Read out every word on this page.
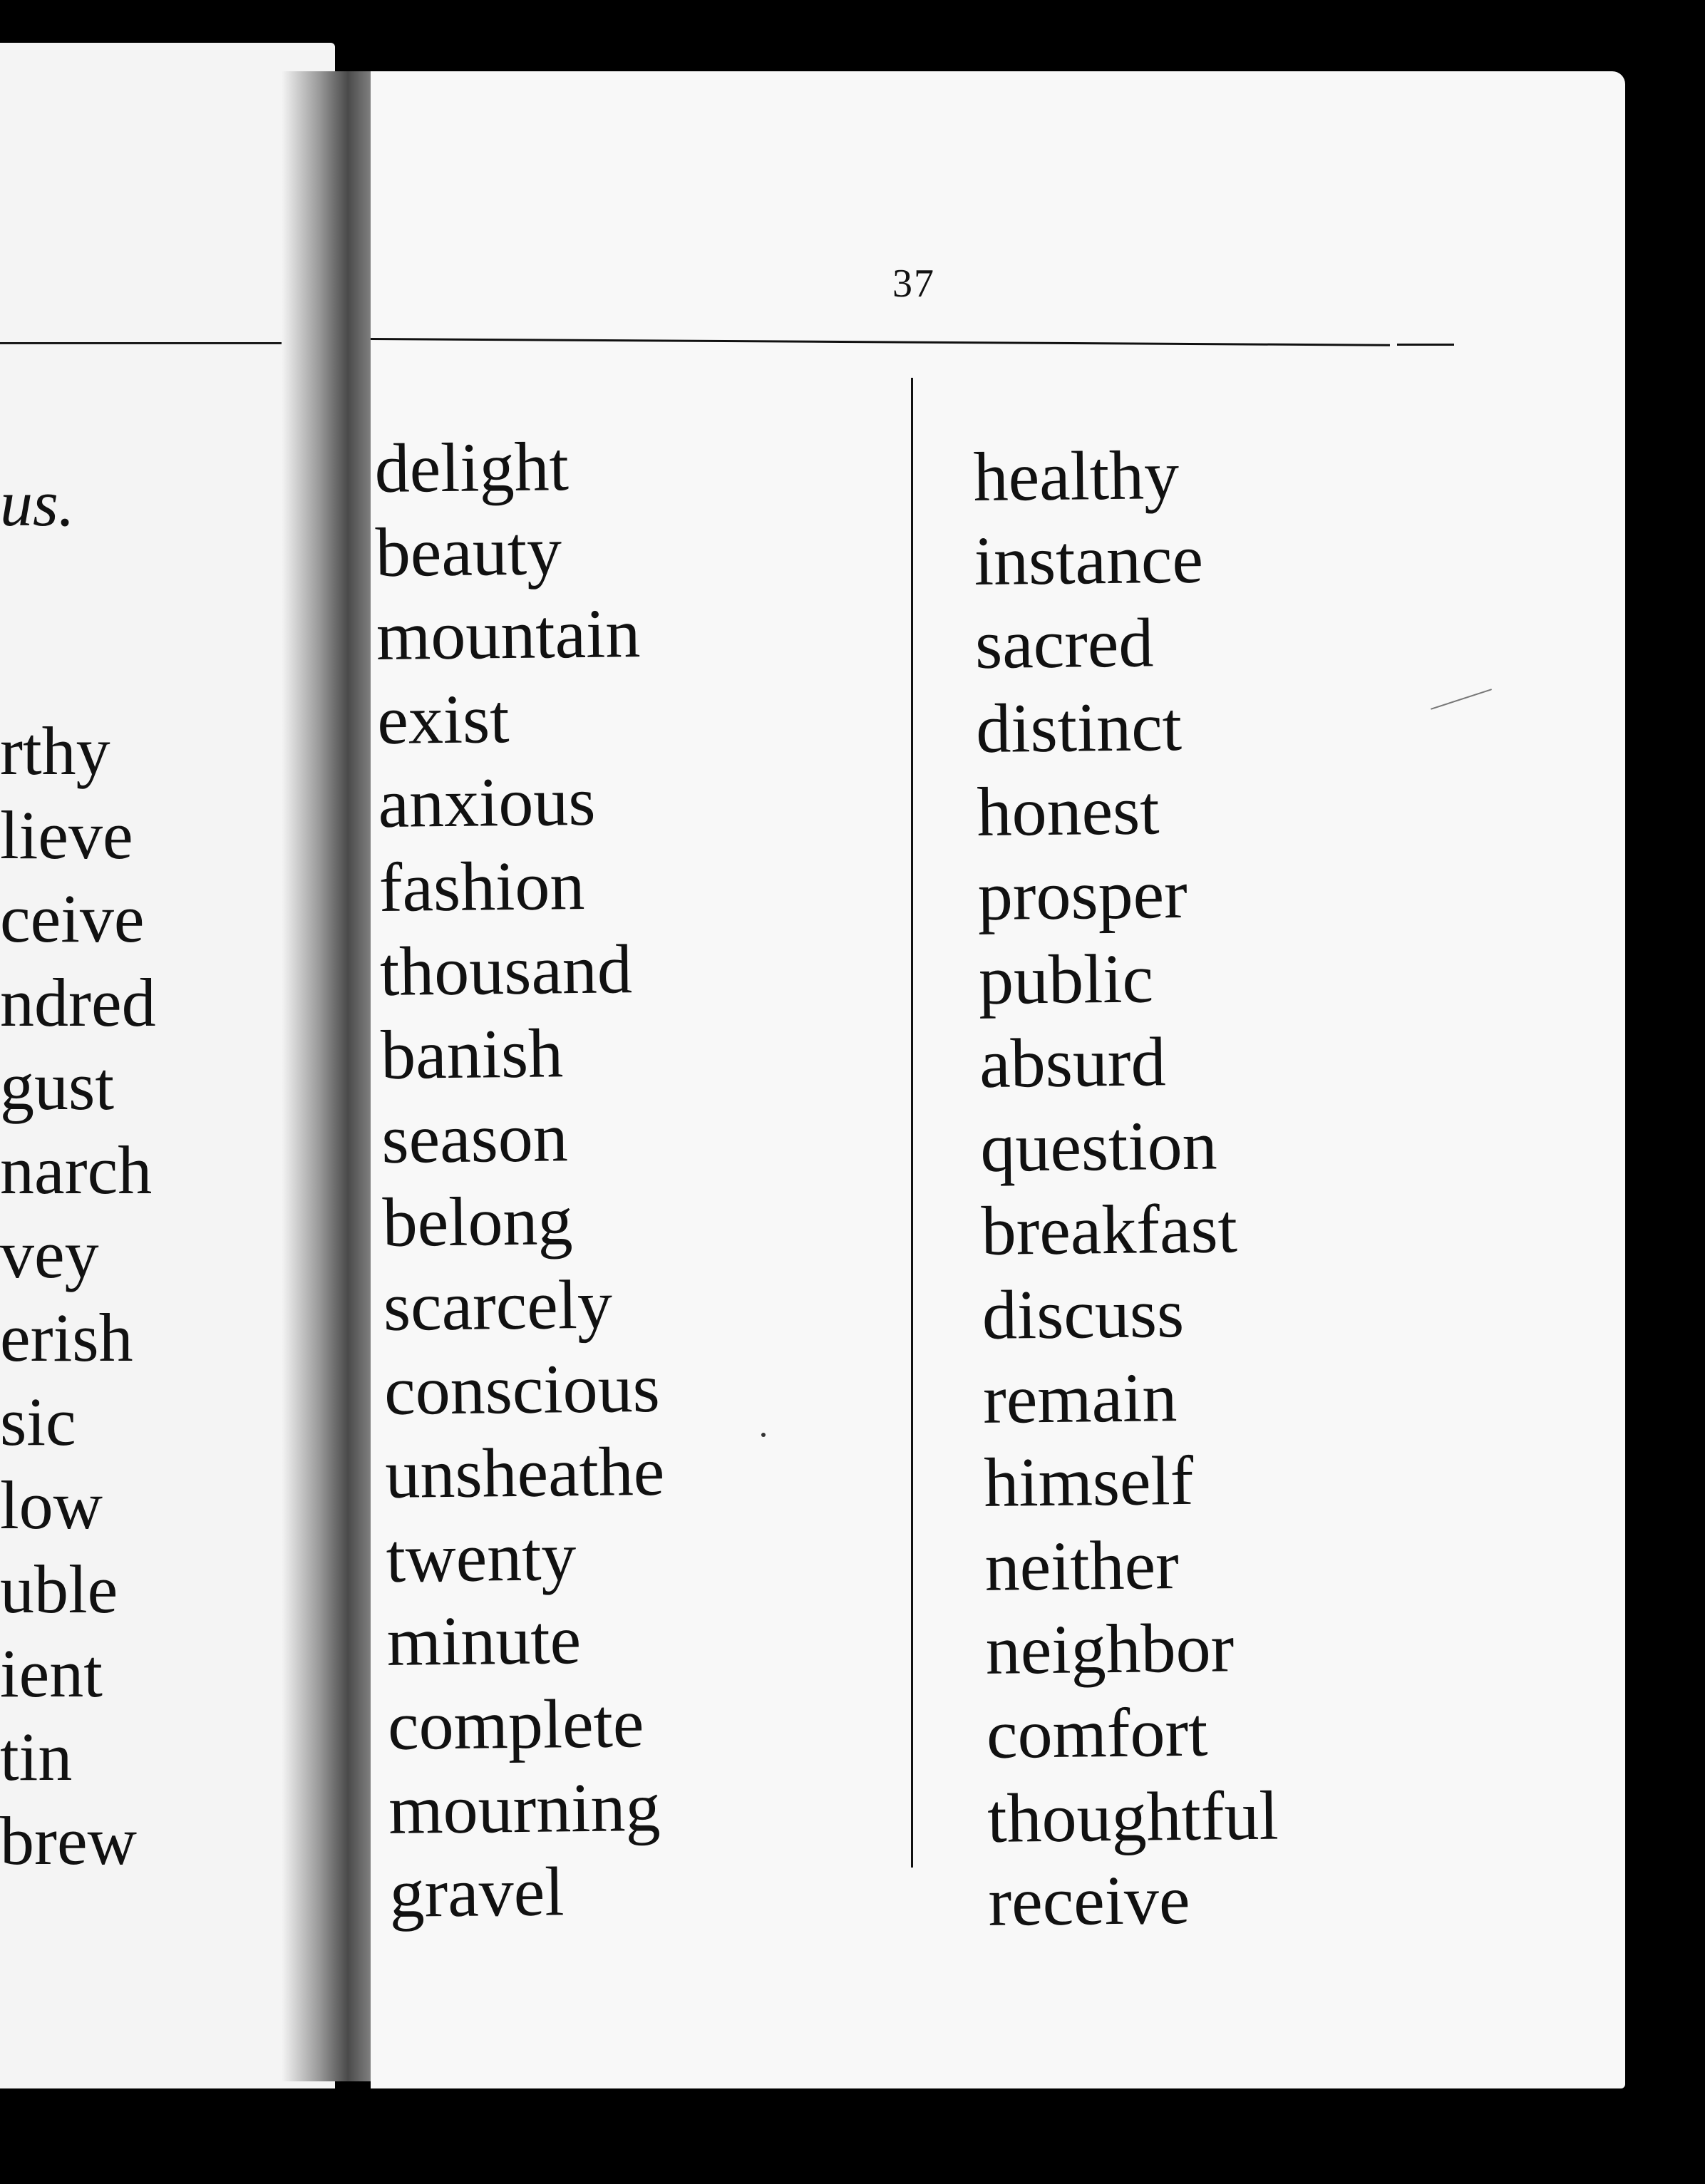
us.
rthy
lieve
ceive
ndred
gust
narch
vey
erish
sic
low
uble
ient
tin
brew
37
delight
beauty
mountain
exist
anxious
fashion
thousand
banish
season
belong
scarcely
conscious
unsheathe
twenty
minute
complete
mourning
gravel
healthy
instance
sacred
distinct
honest
prosper
public
absurd
question
breakfast
discuss
remain
himself
neither
neighbor
comfort
thoughtful
receive
